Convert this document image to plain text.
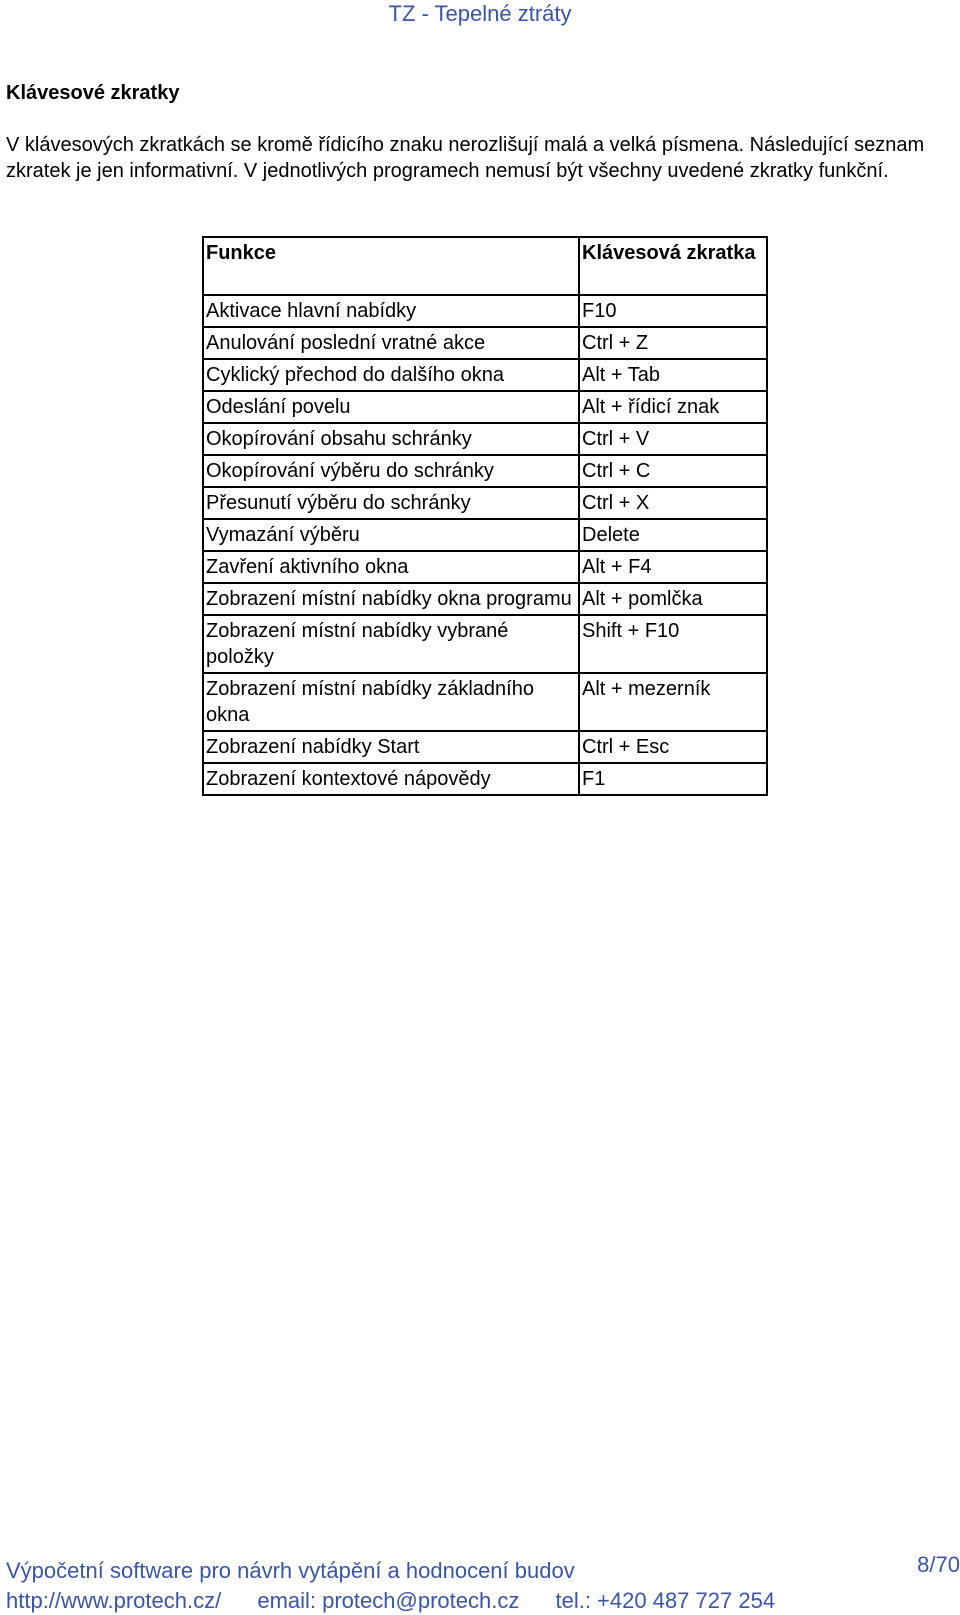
TZ - Tepelné ztráty
Klávesové zkratky
V klávesových zkratkách se kromě řídicího znaku nerozlišují malá a velká písmena. Následující seznam zkratek je jen informativní. V jednotlivých programech nemusí být všechny uvedené zkratky funkční.
Funkce	Klávesová zkratka
Aktivace hlavní nabídky	F10
Anulování poslední vratné akce	Ctrl + Z
Cyklický přechod do dalšího okna	Alt + Tab
Odeslání povelu	Alt + řídicí znak
Okopírování obsahu schránky	Ctrl + V
Okopírování výběru do schránky	Ctrl + C
Přesunutí výběru do schránky	Ctrl + X
Vymazání výběru	Delete
Zavření aktivního okna	Alt + F4
Zobrazení místní nabídky okna programu	Alt + pomlčka
Zobrazení místní nabídky vybrané položky	Shift + F10
Zobrazení místní nabídky základního okna	Alt + mezerník
Zobrazení nabídky Start	Ctrl + Esc
Zobrazení kontextové nápovědy	F1
Výpočetní software pro návrh vytápění a hodnocení budov	8/70
http://www.protech.cz/ email: protech@protech.cz tel.: +420 487 727 254
